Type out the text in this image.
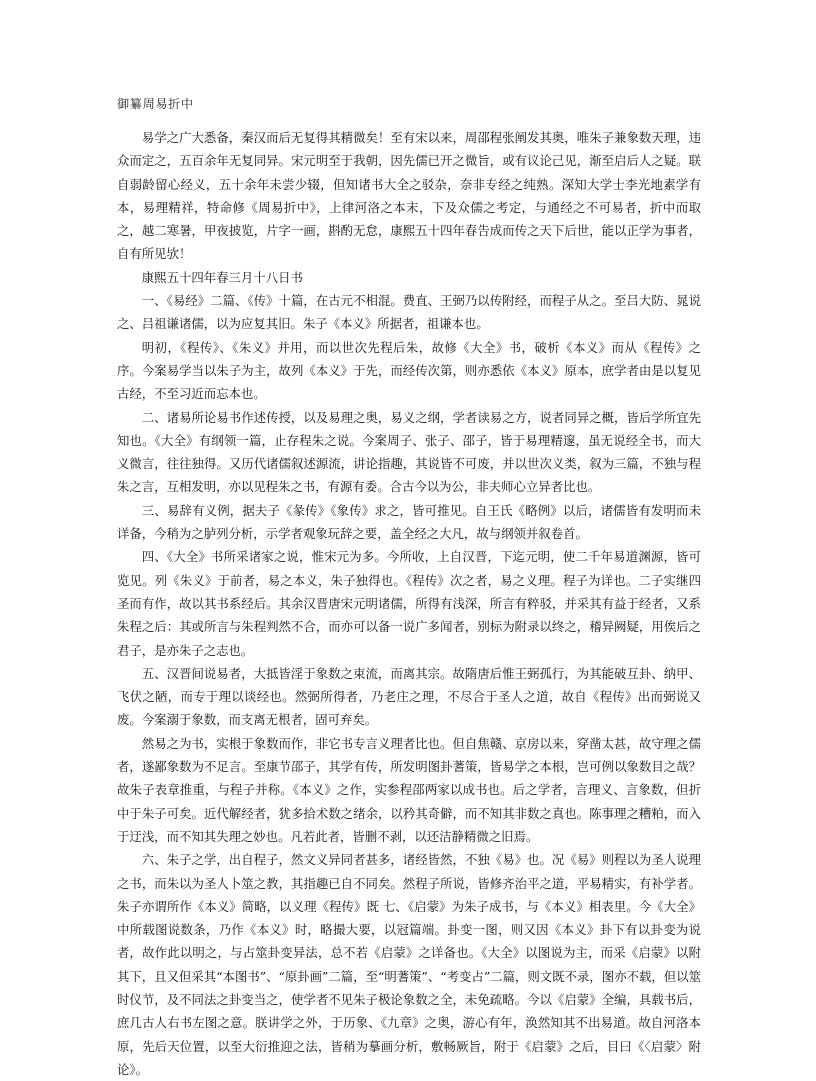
御纂周易折中

易学之广大悉备，秦汉而后无复得其精微矣！至有宋以来，周邵程张阐发其奥，唯朱子兼象数天理，违众而定之，五百余年无复同异。宋元明至于我朝，因先儒已开之微旨，或有议论己见，渐至启后人之疑。联自弱龄留心经义，五十余年未尝少辍，但知诸书大全之驳杂，奈非专经之纯熟。深知大学士李光地素学有本，易理精祥，特命修《周易折中》，上律河洛之本末，下及众儒之考定，与通经之不可易者，折中而取之，越二寒暑，甲夜披览，片字一画，斟酌无怠，康熙五十四年春告成而传之天下后世，能以正学为事者，自有所见欤！

康熙五十四年春三月十八日书

一、《易经》二篇、《传》十篇，在古元不相混。费直、王弼乃以传附经，而程子从之。至吕大防、晁说之、吕祖谦诸儒，以为应复其旧。朱子《本义》所据者，祖谦本也。

明初，《程传》、《朱义》并用，而以世次先程后朱，故修《大全》书，破析《本义》而从《程传》之序。今案易学当以朱子为主，故列《本义》于先，而经传次第，则亦悉依《本义》原本，庶学者由是以复见古经，不至习近而忘本也。

二、诸易所论易书作述传授，以及易理之奥，易义之纲，学者读易之方，说者同异之概，皆后学所宜先知也。《大全》有纲领一篇，止存程朱之说。今案周子、张子、邵子，皆于易理精邃，虽无说经全书，而大义微言，往往独得。又历代诸儒叙述源流，讲论指趣，其说皆不可废，并以世次义类，叙为三篇，不独与程朱之言，互相发明，亦以见程朱之书，有源有委。合古今以为公，非夫师心立异者比也。

三、易辞有义例，据夫子《彖传》《象传》求之，皆可推见。自王氏《略例》以后，诸儒皆有发明而未详备，今稍为之胪列分析，示学者观象玩辞之要，盖全经之大凡，故与纲领并叙卷首。

四、《大全》书所采诸家之说，惟宋元为多。今所收，上自汉晋，下迄元明，使二千年易道渊源，皆可览见。列《朱义》于前者，易之本义，朱子独得也。《程传》次之者，易之义理。程子为详也。二子实继四圣而有作，故以其书系经后。其余汉晋唐宋元明诸儒，所得有浅深，所言有粹驳，并采其有益于经者，又系朱程之后：其或所言与朱程判然不合，而亦可以备一说广多闻者，别标为附录以终之，稽异阙疑，用俟后之君子，是亦朱子之志也。

五、汉晋间说易者，大抵皆淫于象数之束流，而离其宗。故隋唐后惟王弼孤行，为其能破互卦、纳甲、飞伏之陋，而专于理以谈经也。然弼所得者，乃老庄之理，不尽合于圣人之道，故自《程传》出而弼说又废。今案溺于象数，而支离无根者，固可弃矣。

然易之为书，实根于象数而作，非它书专言义理者比也。但自焦赣、京房以来，穿凿太甚，故守理之儒者，遂鄙象数为不足言。至康节邵子，其学有传，所发明图卦蓍策，皆易学之本根，岂可例以象数目之哉？故朱子表章推重，与程子并称。《本义》之作，实参程邵两家以成书也。后之学者，言理义、言象数，但折中于朱子可矣。近代解经者，犹多拾术数之绪余，以矜其奇僻，而不知其非数之真也。陈事理之糟粕，而入于迂浅，而不知其失理之妙也。凡若此者，皆删不剥，以还洁静精微之旧焉。

六、朱子之学，出自程子，然文义异同者甚多，诸经皆然，不独《易》也。况《易》则程以为圣人说理之书，而朱以为圣人卜筮之教，其指趣已自不同矣。然程子所说，皆修齐治平之道，平易精实，有补学者。朱子亦谓所作《本义》简略，以义理《程传》既 七、《启蒙》为朱子成书，与《本义》相表里。今《大全》中所载图说数条，乃作《本义》时，略撮大要，以冠篇端。卦变一图，则又因《本义》卦下有以卦变为说者，故作此以明之，与占筮卦变异法，总不若《启蒙》之详备也。《大全》以图说为主，而采《启蒙》以附其下，且又但采其“本图书”、“原卦画”二篇，至“明蓍策”、“考变占”二篇，则文既不录，图亦不载，但以筮时仪节，及不同法之卦变当之，使学者不见朱子极论象数之全，未免疏略。今以《启蒙》全编，具载书后，庶几古人右书左图之意。朕讲学之外，于历象、《九章》之奥，游心有年，涣然知其不出易道。故自河洛本原，先后天位置，以至大衍推迎之法，皆稍为摹画分析，敷畅厥旨，附于《启蒙》之后，目曰《〈启蒙〉附论》。
